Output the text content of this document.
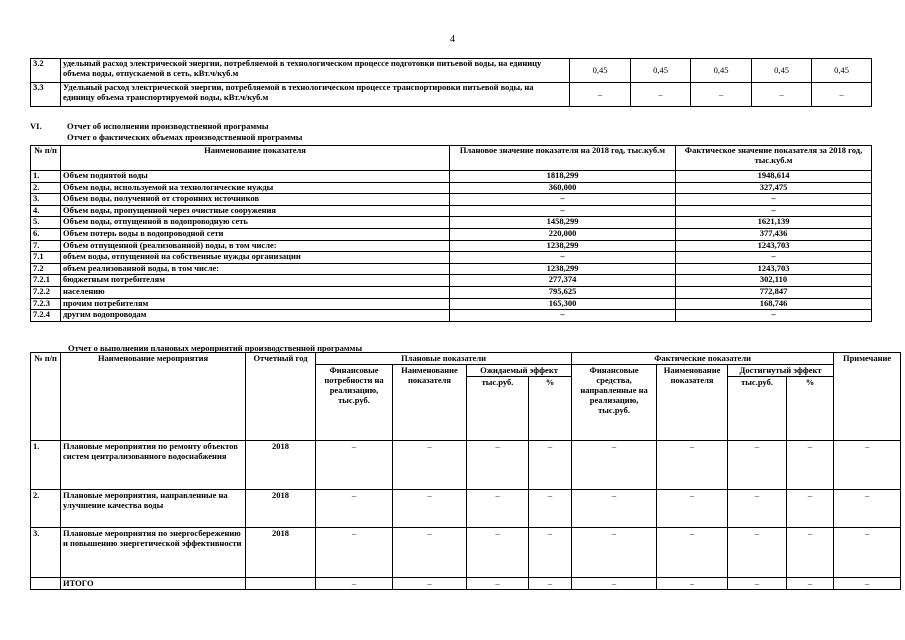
4
3.2	удельный расход электрической энергии, потребляемой в технологическом процессе подготовки питьевой воды, на единицу объема воды, отпускаемой в сеть, кВт.ч/куб.м	0,45	0,45	0,45	0,45	0,45
3.3	Удельный расход электрической энергии, потребляемой в технологическом процессе транспортировки питьевой воды, на единицу объема транспортируемой воды, кВт.ч/куб.м	–	–	–	–	–
VI.	Отчет об исполнении производственной программы
Отчет о фактических объемах производственной программы
№ п/п	Наименование показателя	Плановое значение показателя на 2018 год, тыс.куб.м	Фактическое значение показателя за 2018 год, тыс.куб.м
1.	Объем поднятой воды	1818,299	1948,614
2.	Объем воды, используемой на технологические нужды	360,000	327,475
3.	Объем воды, полученной от сторонних источников	–	–
4.	Объем воды, пропущенной через очистные сооружения	–	–
5.	Объем воды, отпущенной в водопроводную сеть	1458,299	1621,139
6.	Объем потерь воды в водопроводной сети	220,000	377,436
7.	Объем отпущенной (реализованной) воды, в том числе:	1238,299	1243,703
7.1	объем воды, отпущенной на собственные нужды организации	–	–
7.2	объем реализованной воды, в том числе:	1238,299	1243,703
7.2.1	бюджетным потребителям	277,374	302,110
7.2.2	населению	795,625	772,847
7.2.3	прочим потребителям	165,300	168,746
7.2.4	другим водопроводам	–	–
Отчет о выполнении плановых мероприятий производственной программы
№ п/п	Наименование мероприятия	Отчетный год	Плановые показатели				Фактические показатели				Примечание
			Финансовые потребности на реализацию, тыс.руб.	Наименование показателя	Ожидаемый эффект		Финансовые средства, направленные на реализацию, тыс.руб.	Наименование показателя	Достигнутый эффект		
					тыс.руб.	%			тыс.руб.	%	
1.	Плановые мероприятия по ремонту объектов систем централизованного водоснабжения	2018	–	–	–	–	–	–	–	–	–
2.	Плановые мероприятия, направленные на улучшение качества воды	2018	–	–	–	–	–	–	–	–	–
3.	Плановые мероприятия по энергосбережению и повышению энергетической эффективности	2018	–	–	–	–	–	–	–	–	–
	ИТОГО		–	–	–	–	–	–	–	–	–
